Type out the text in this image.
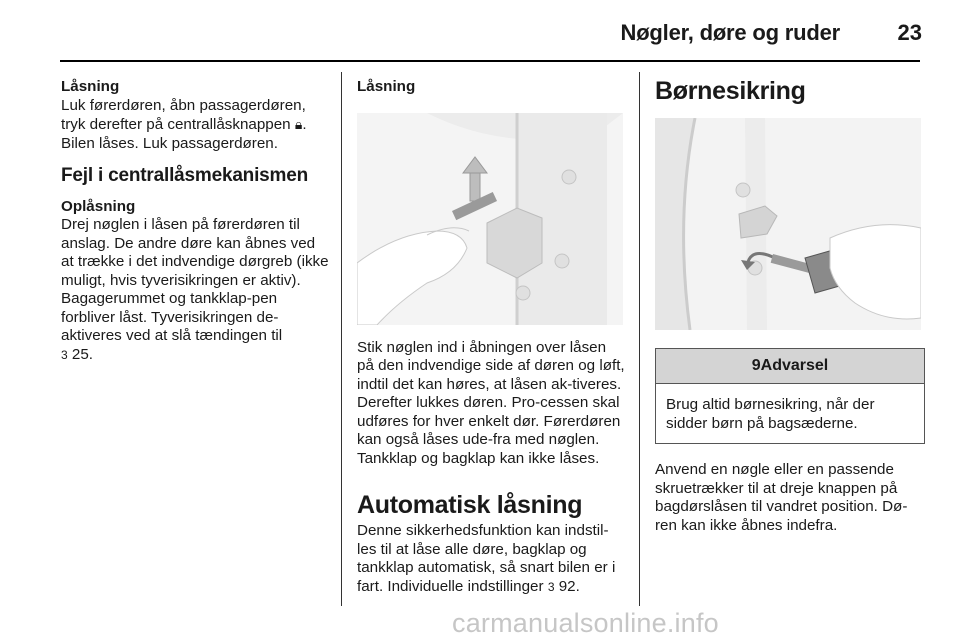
Nøgler, døre og ruder	23

Låsning

Luk førerdøren, åbn passagerdøren, tryk derefter på centrallåsknappen 🔒︎. Bilen låses. Luk passagerdøren.

Fejl i centrallåsmekanismen

Oplåsning

Drej nøglen i låsen på førerdøren til anslag. De andre døre kan åbnes ved at trække i det indvendige dørgreb (ikke muligt, hvis tyverisikringen er aktiv). Bagagerummet og tankklap-pen forbliver låst. Tyverisikringen de-aktiveres ved at slå tændingen til
3 25.

Låsning

Stik nøglen ind i åbningen over låsen på den indvendige side af døren og løft, indtil det kan høres, at låsen ak-tiveres. Derefter lukkes døren. Pro-cessen skal udføres for hver enkelt dør. Førerdøren kan også låses ude-fra med nøglen. Tankklap og bagklap kan ikke låses.

Automatisk låsning

Denne sikkerhedsfunktion kan indstil-les til at låse alle døre, bagklap og tankklap automatisk, så snart bilen er i fart. Individuelle indstillinger 3 92.

Børnesikring

9Advarsel
Brug altid børnesikring, når der sidder børn på bagsæderne.

Anvend en nøgle eller en passende skruetrækker til at dreje knappen på bagdørslåsen til vandret position. Dø-ren kan ikke åbnes indefra.

carmanualsonline.info
